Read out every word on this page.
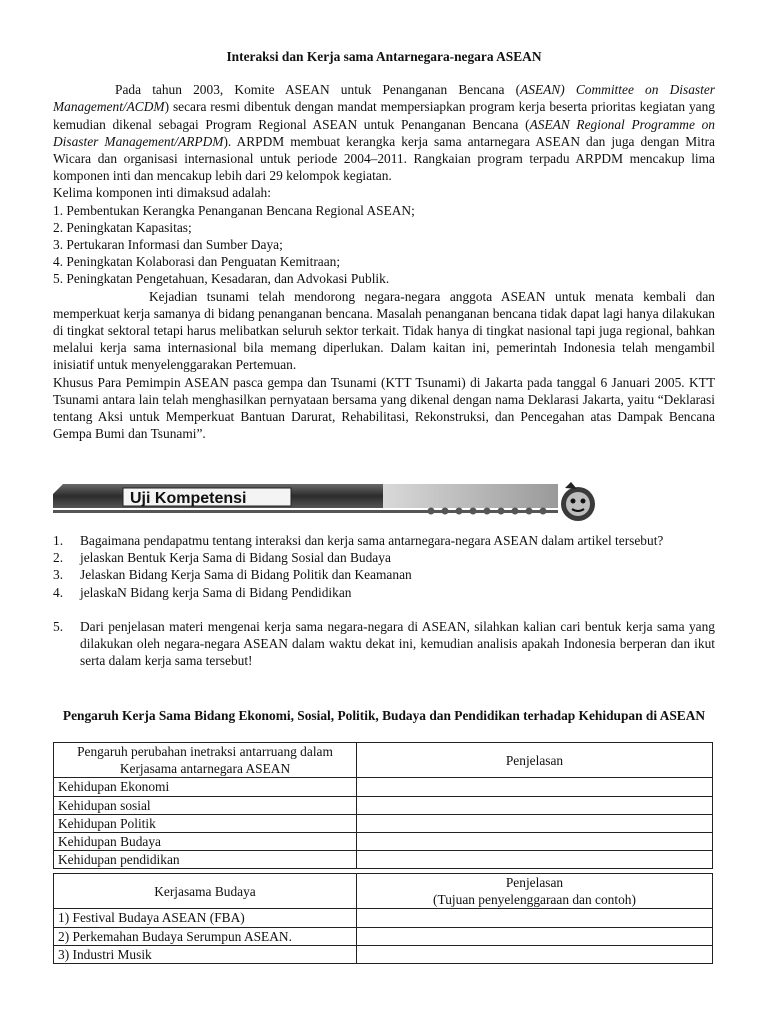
Interaksi dan Kerja sama Antarnegara-negara ASEAN

Pada tahun 2003, Komite ASEAN untuk Penanganan Bencana (ASEAN) Committee on Disaster Management/ACDM) secara resmi dibentuk dengan mandat mempersiapkan program kerja beserta prioritas kegiatan yang kemudian dikenal sebagai Program Regional ASEAN untuk Penanganan Bencana (ASEAN Regional Programme on Disaster Management/ARPDM). ARPDM membuat kerangka kerja sama antarnegara ASEAN dan juga dengan Mitra Wicara dan organisasi internasional untuk periode 2004–2011. Rangkaian program terpadu ARPDM mencakup lima komponen inti dan mencakup lebih dari 29 kelompok kegiatan.

Kelima komponen inti dimaksud adalah:

1. Pembentukan Kerangka Penanganan Bencana Regional ASEAN;
2. Peningkatan Kapasitas;
3. Pertukaran Informasi dan Sumber Daya;
4. Peningkatan Kolaborasi dan Penguatan Kemitraan;
5. Peningkatan Pengetahuan, Kesadaran, dan Advokasi Publik.

Kejadian tsunami telah mendorong negara-negara anggota ASEAN untuk menata kembali dan memperkuat kerja samanya di bidang penanganan bencana. Masalah penanganan bencana tidak dapat lagi hanya dilakukan di tingkat sektoral tetapi harus melibatkan seluruh sektor terkait. Tidak hanya di tingkat nasional tapi juga regional, bahkan melalui kerja sama internasional bila memang diperlukan. Dalam kaitan ini, pemerintah Indonesia telah mengambil inisiatif untuk menyelenggarakan Pertemuan.

Khusus Para Pemimpin ASEAN pasca gempa dan Tsunami (KTT Tsunami) di Jakarta pada tanggal 6 Januari 2005. KTT Tsunami antara lain telah menghasilkan pernyataan bersama yang dikenal dengan nama Deklarasi Jakarta, yaitu “Deklarasi tentang Aksi untuk Memperkuat Bantuan Darurat, Rehabilitasi, Rekonstruksi, dan Pencegahan atas Dampak Bencana Gempa Bumi dan Tsunami”.

Uji Kompetensi
1. Bagaimana pendapatmu tentang interaksi dan kerja sama antarnegara-negara ASEAN dalam artikel tersebut?
2. jelaskan Bentuk Kerja Sama di Bidang Sosial dan Budaya
3. Jelaskan Bidang Kerja Sama di Bidang Politik dan Keamanan
4. jelaskaN Bidang kerja Sama di Bidang Pendidikan
5. Dari penjelasan materi mengenai kerja sama negara-negara di ASEAN, silahkan kalian cari bentuk kerja sama yang dilakukan oleh negara-negara ASEAN dalam waktu dekat ini, kemudian analisis apakah Indonesia berperan dan ikut serta dalam kerja sama tersebut!
Pengaruh Kerja Sama Bidang Ekonomi, Sosial, Politik, Budaya dan Pendidikan terhadap Kehidupan di ASEAN
Pengaruh perubahan inetraksi antarruang dalam Kerjasama antarnegara ASEAN	Penjelasan
Kehidupan Ekonomi	
Kehidupan sosial	
Kehidupan Politik	
Kehidupan Budaya	
Kehidupan pendidikan	
Kerjasama Budaya	Penjelasan
(Tujuan penyelenggaraan dan contoh)

1) Festival Budaya ASEAN (FBA)	
2) Perkemahan Budaya Serumpun ASEAN.	
3) Industri Musik	
